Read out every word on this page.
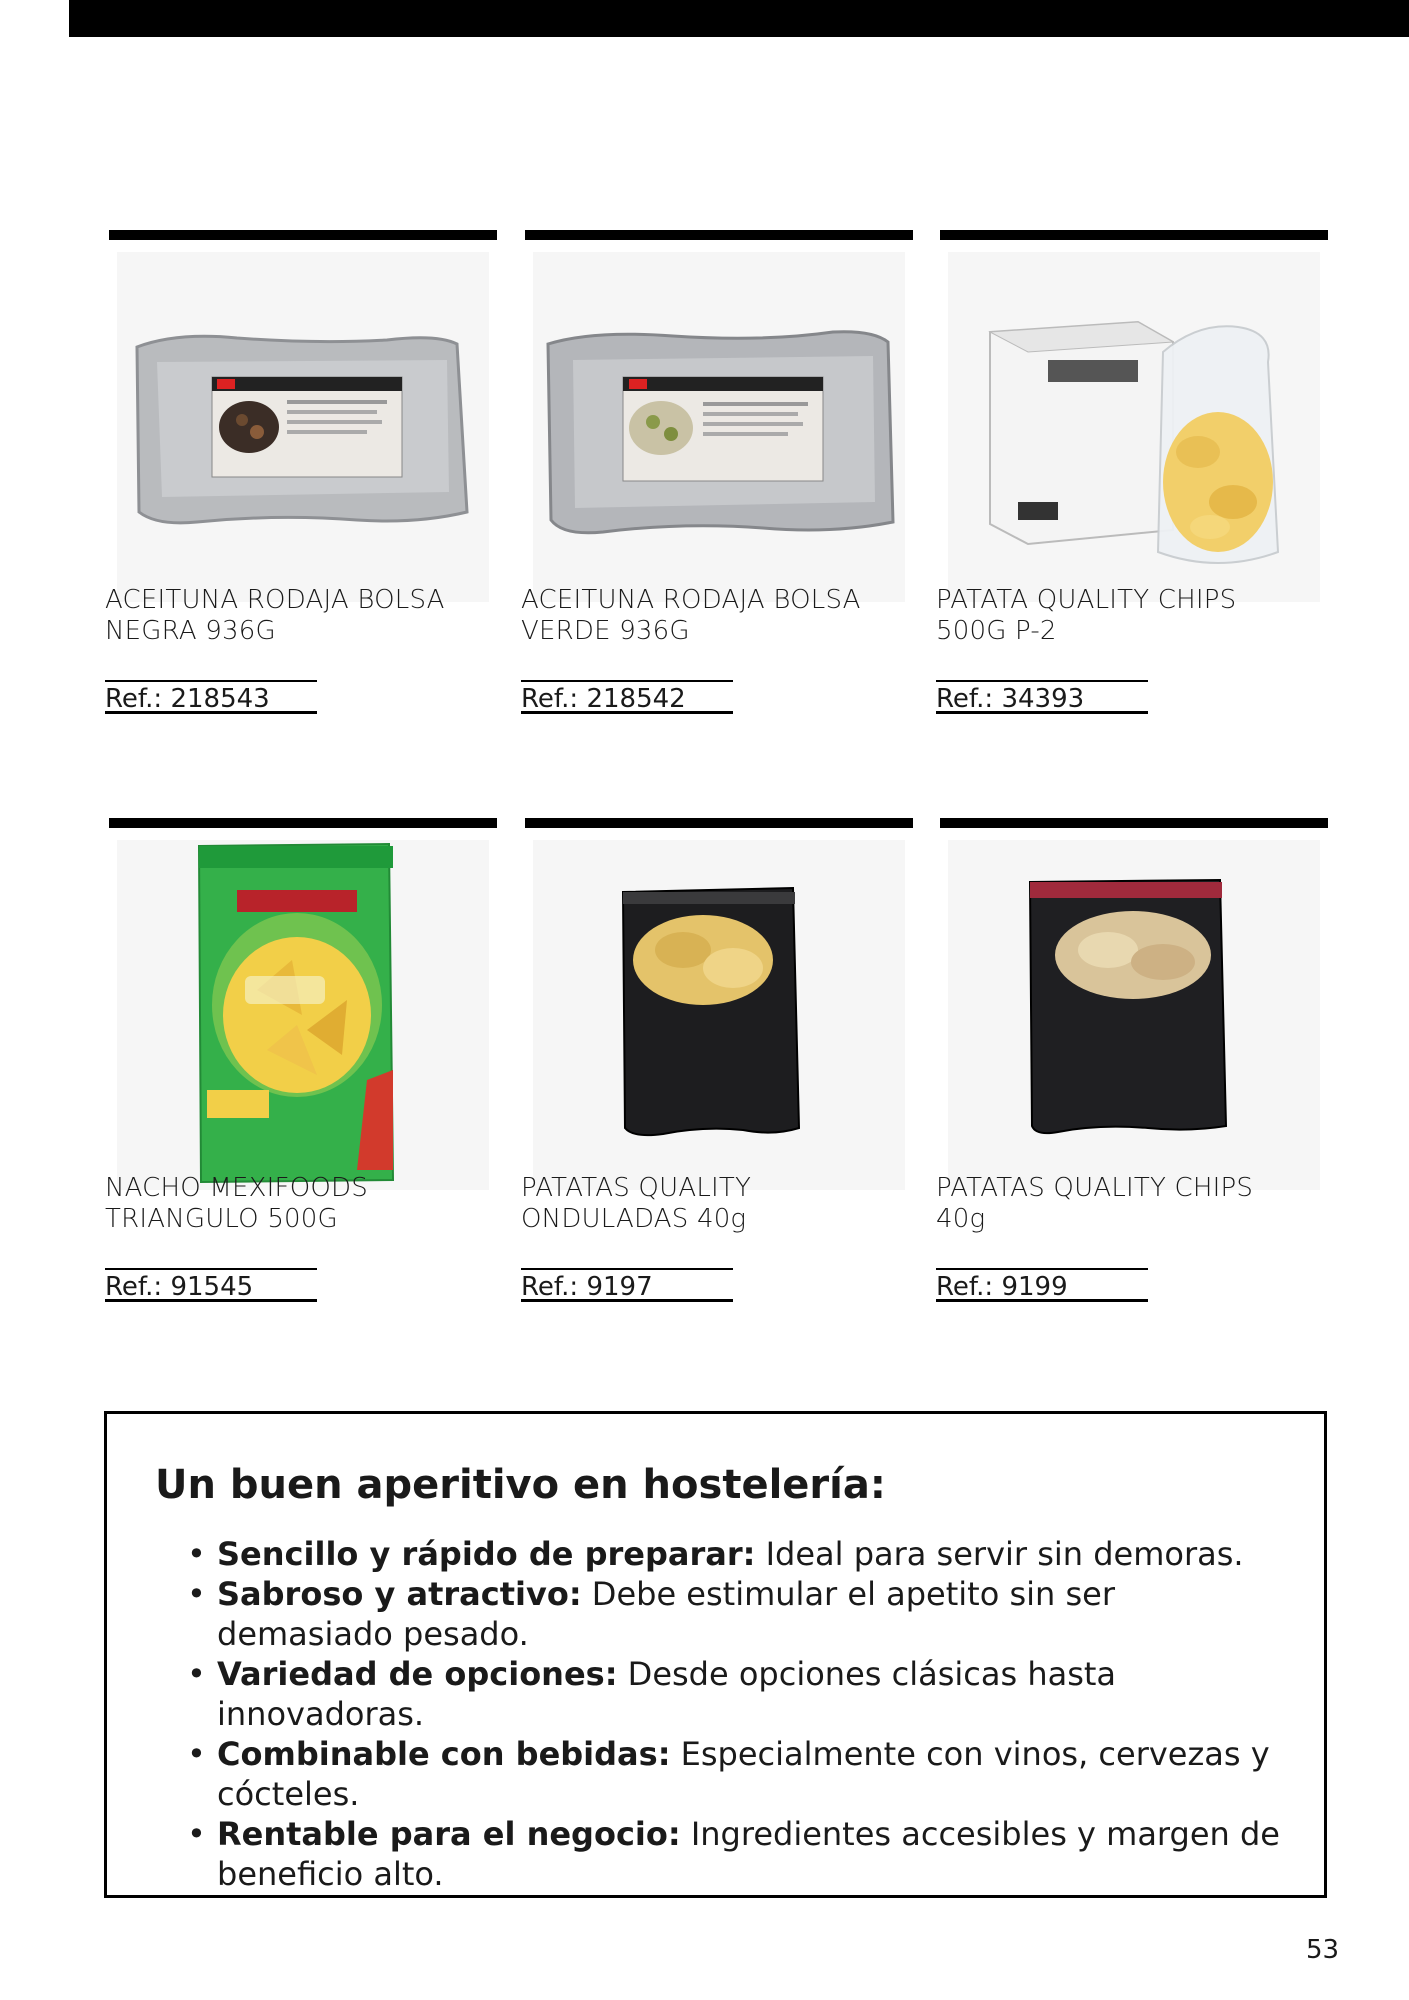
ACEITUNA RODAJA BOLSA
NEGRA 936G
Ref.: 218543
ACEITUNA RODAJA BOLSA
VERDE 936G
Ref.: 218542
PATATA QUALITY CHIPS
500G P-2
Ref.: 34393
NACHO MEXIFOODS
TRIANGULO 500G
Ref.: 91545
PATATAS QUALITY
ONDULADAS 40g
Ref.: 9197
PATATAS QUALITY CHIPS
40g
Ref.: 9199
Un buen aperitivo en hostelería:
• Sencillo y rápido de preparar: Ideal para servir sin demoras.
• Sabroso y atractivo: Debe estimular el apetito sin ser demasiado pesado.
• Variedad de opciones: Desde opciones clásicas hasta innovadoras.
• Combinable con bebidas: Especialmente con vinos, cervezas y cócteles.
• Rentable para el negocio: Ingredientes accesibles y margen de beneficio alto.
53
